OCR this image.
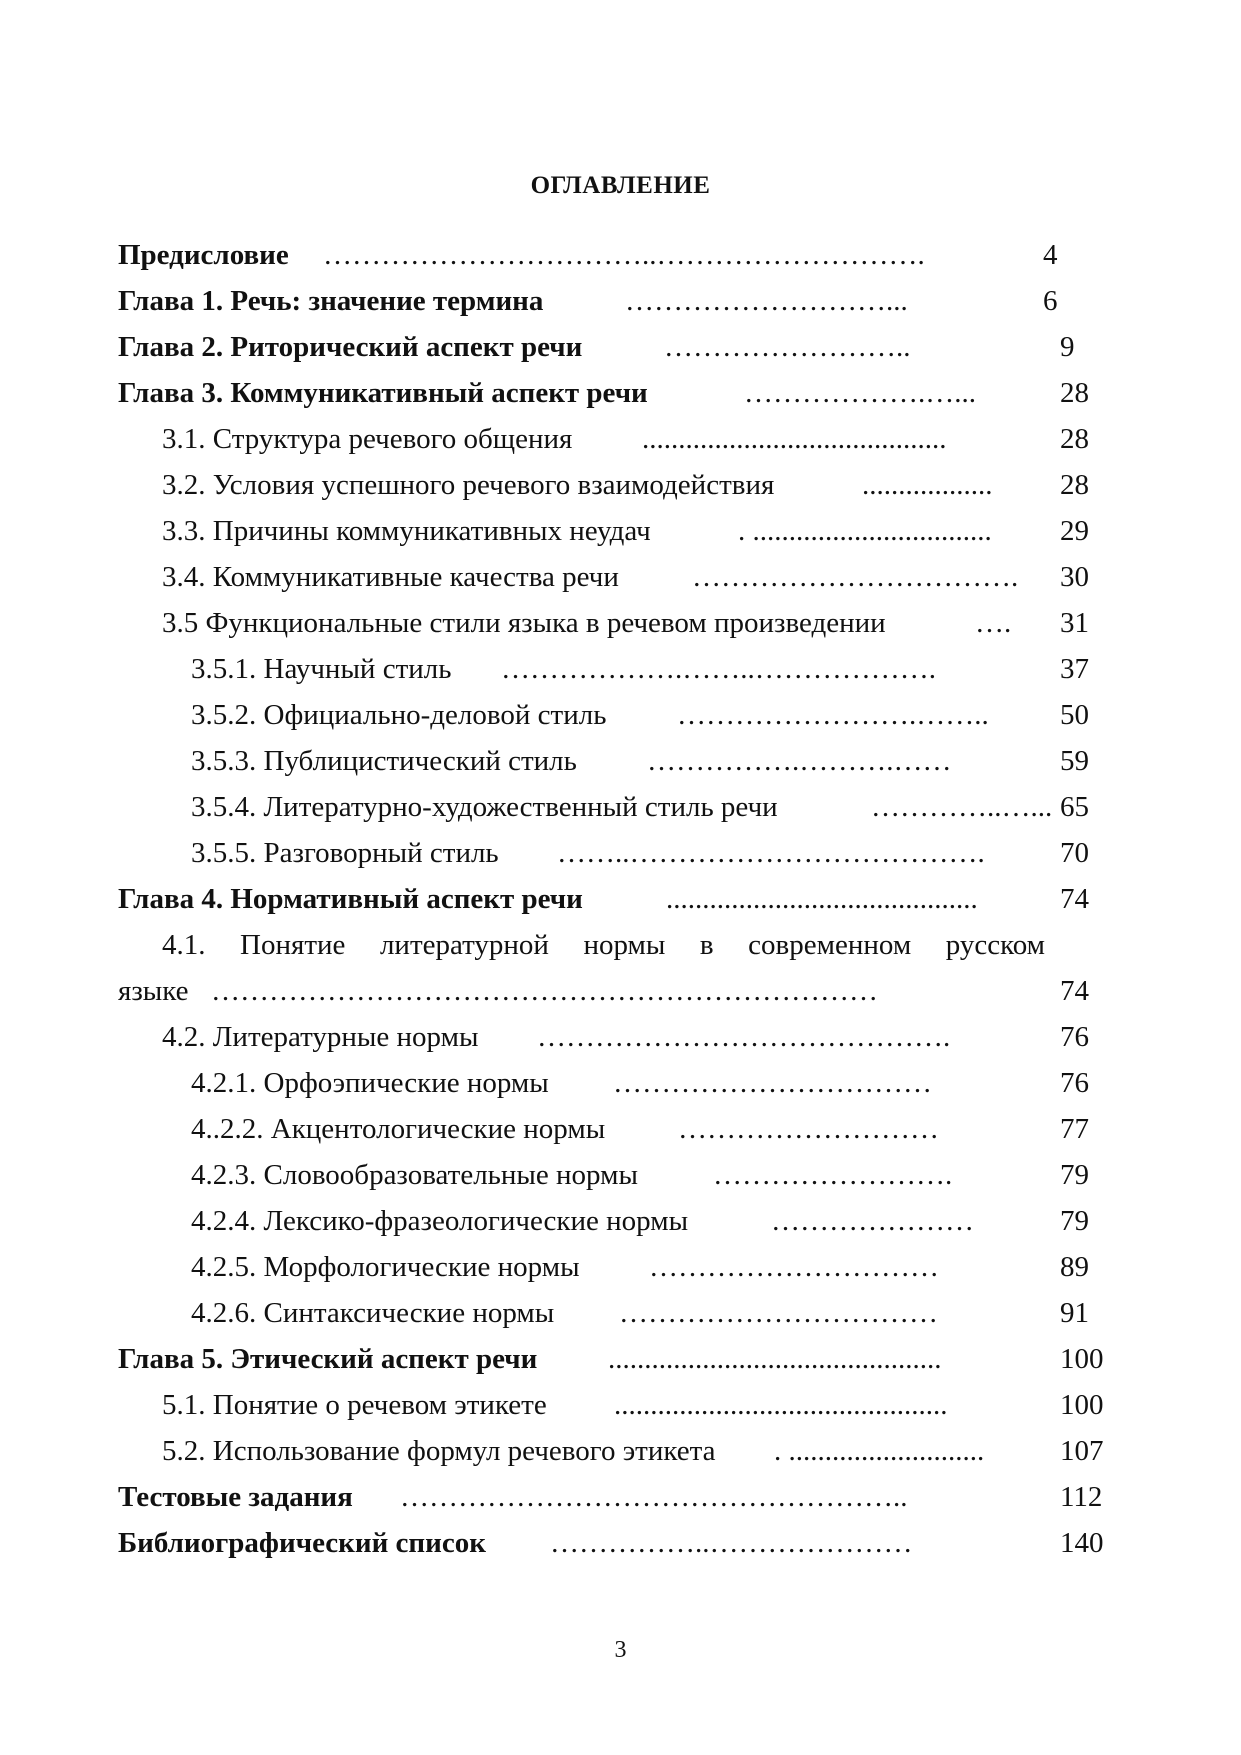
ОГЛАВЛЕНИЕ
Предисловие ……………………………..……………………….	4
Глава 1. Речь: значение термина	………………………...	6
Глава 2. Риторический аспект речи	……………………..	9
Глава 3. Коммуникативный аспект речи	……………….…...	28
3.1. Структура речевого общения ..........................................	28
3.2. Условия успешного речевого взаимодействия	.................. 28
3.3. Причины коммуникативных неудач	. ................................. 29
3.4. Коммуникативные качества речи	……………………………. 30
3.5 Функциональные стили языка в речевом произведении	…. 31
3.5.1. Научный стиль ……………….……..……………….	37
3.5.2. Официально-деловой стиль …………………….…….. 50
3.5.3. Публицистический стиль …………….……….……	59
3.5.4. Литературно-художественный стиль речи	…………..…... 65
3.5.5. Разговорный стиль ……..……………………………….	70
Глава 4. Нормативный аспект речи	...........................................	74
4.1. Понятие литературной нормы в современном русском
языке ……………………………………………………………	74
4.2. Литературные нормы …………………………………….	76
4.2.1. Орфоэпические нормы ……………………………	76
4..2.2. Акцентологические нормы	………………………	77
4.2.3. Словообразовательные нормы	…………………….	79
4.2.4. Лексико-фразеологические нормы	…………………	79
4.2.5. Морфологические нормы …………………………	89
4.2.6. Синтаксические нормы ……………………………	91
Глава 5. Этический аспект речи ..............................................	100
5.1. Понятие о речевом этикете ..............................................	100
5.2. Использование формул речевого этикета . ...........................	107
Тестовые задания ……………………………………………..	112
Библиографический список ……………..…………………	140
3
